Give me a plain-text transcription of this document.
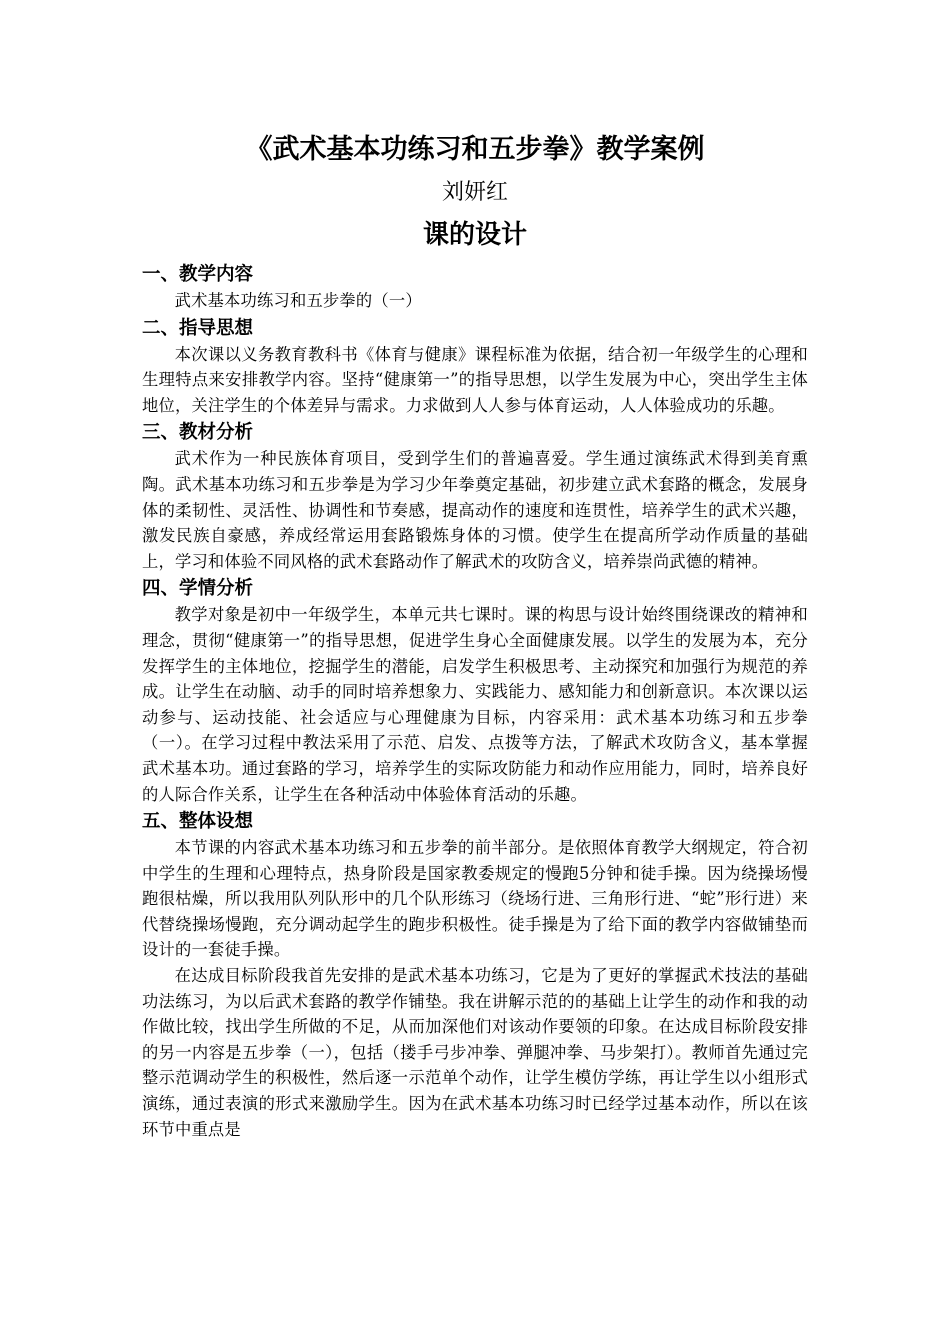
《武术基本功练习和五步拳》教学案例
刘妍红
课的设计
一、教学内容

武术基本功练习和五步拳的（一）

二、指导思想

本次课以义务教育教科书《体育与健康》课程标准为依据，结合初一年级学生的心理和生理特点来安排教学内容。坚持“健康第一”的指导思想，以学生发展为中心，突出学生主体地位，关注学生的个体差异与需求。力求做到人人参与体育运动，人人体验成功的乐趣。

三、教材分析

武术作为一种民族体育项目，受到学生们的普遍喜爱。学生通过演练武术得到美育熏陶。武术基本功练习和五步拳是为学习少年拳奠定基础，初步建立武术套路的概念，发展身体的柔韧性、灵活性、协调性和节奏感，提高动作的速度和连贯性，培养学生的武术兴趣，激发民族自豪感，养成经常运用套路锻炼身体的习惯。使学生在提高所学动作质量的基础上，学习和体验不同风格的武术套路动作了解武术的攻防含义，培养崇尚武德的精神。

四、学情分析

教学对象是初中一年级学生，本单元共七课时。课的构思与设计始终围绕课改的精神和理念，贯彻“健康第一”的指导思想，促进学生身心全面健康发展。以学生的发展为本，充分发挥学生的主体地位，挖掘学生的潜能，启发学生积极思考、主动探究和加强行为规范的养成。让学生在动脑、动手的同时培养想象力、实践能力、感知能力和创新意识。本次课以运动参与、运动技能、社会适应与心理健康为目标，内容采用：武术基本功练习和五步拳（一）。在学习过程中教法采用了示范、启发、点拨等方法，了解武术攻防含义，基本掌握武术基本功。通过套路的学习，培养学生的实际攻防能力和动作应用能力，同时，培养良好的人际合作关系，让学生在各种活动中体验体育活动的乐趣。

五、整体设想

本节课的内容武术基本功练习和五步拳的前半部分。是依照体育教学大纲规定，符合初中学生的生理和心理特点，热身阶段是国家教委规定的慢跑5分钟和徒手操。因为绕操场慢跑很枯燥，所以我用队列队形中的几个队形练习（绕场行进、三角形行进、“蛇”形行进）来代替绕操场慢跑，充分调动起学生的跑步积极性。徒手操是为了给下面的教学内容做铺垫而设计的一套徒手操。

在达成目标阶段我首先安排的是武术基本功练习，它是为了更好的掌握武术技法的基础功法练习，为以后武术套路的教学作铺垫。我在讲解示范的的基础上让学生的动作和我的动作做比较，找出学生所做的不足，从而加深他们对该动作要领的印象。在达成目标阶段安排的另一内容是五步拳（一），包括（搂手弓步冲拳、弹腿冲拳、马步架打）。教师首先通过完整示范调动学生的积极性，然后逐一示范单个动作，让学生模仿学练，再让学生以小组形式演练，通过表演的形式来激励学生。因为在武术基本功练习时已经学过基本动作，所以在该环节中重点是
